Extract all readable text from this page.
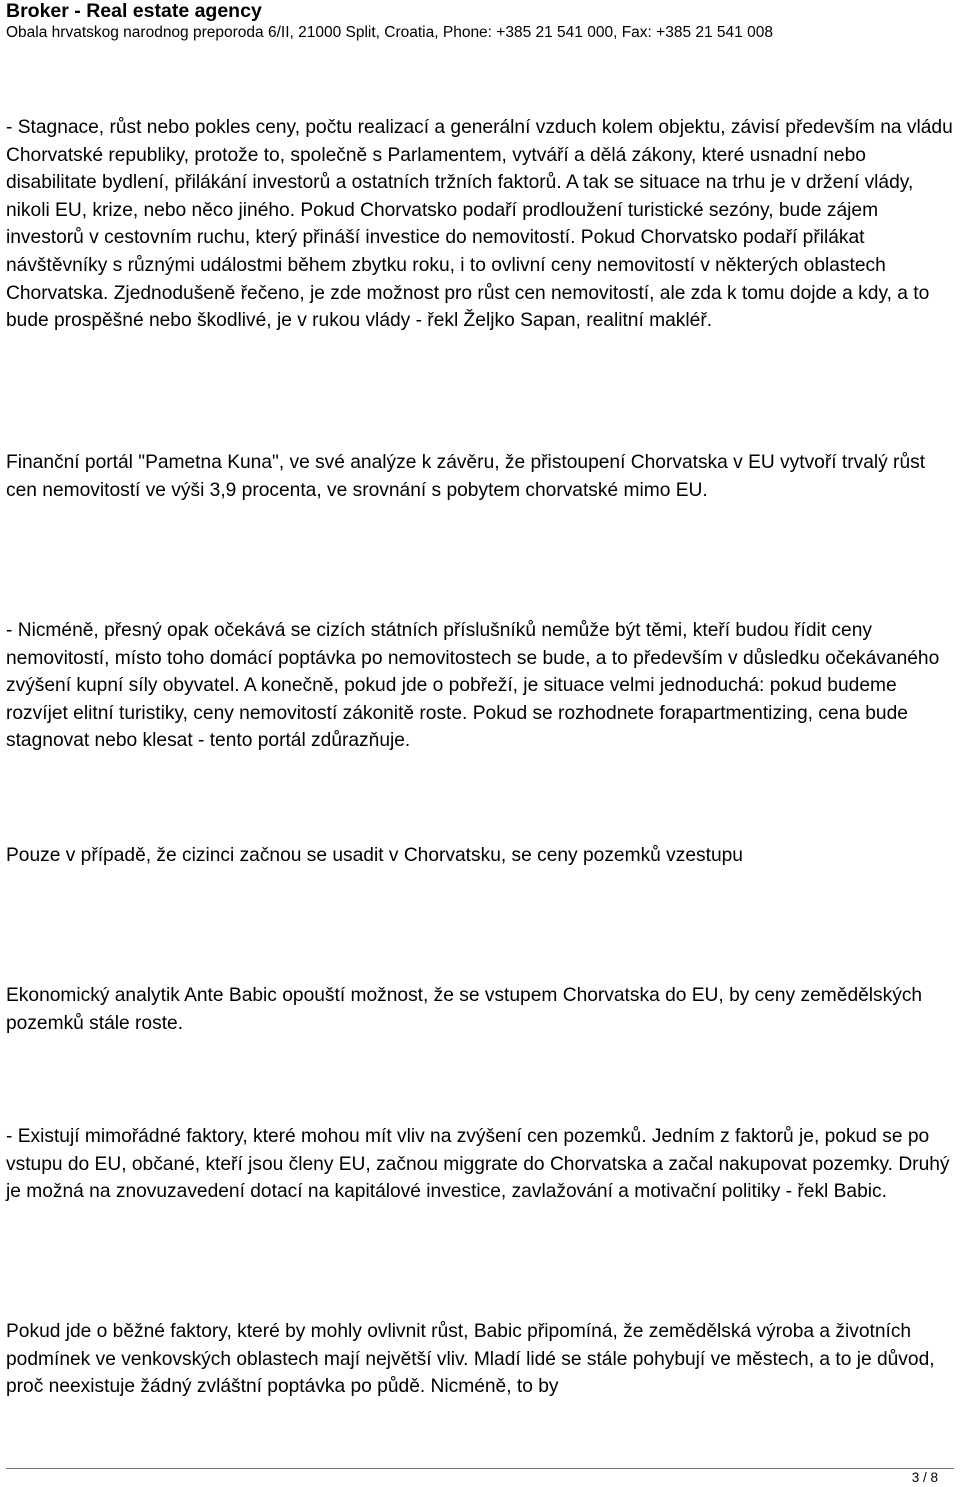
Broker - Real estate agency

Obala hrvatskog narodnog preporoda 6/II, 21000 Split, Croatia, Phone: +385 21 541 000, Fax: +385 21 541 008

- Stagnace, růst nebo pokles ceny, počtu realizací a generální vzduch kolem objektu, závisí především na vládu Chorvatské republiky, protože to, společně s Parlamentem, vytváří a dělá zákony, které usnadní nebo disabilitate bydlení, přilákání investorů a ostatních tržních faktorů. A tak se situace na trhu je v držení vlády, nikoli EU, krize, nebo něco jiného. Pokud Chorvatsko podaří prodloužení turistické sezóny, bude zájem investorů v cestovním ruchu, který přináší investice do nemovitostí. Pokud Chorvatsko podaří přilákat návštěvníky s různými událostmi během zbytku roku, i to ovlivní ceny nemovitostí v některých oblastech Chorvatska. Zjednodušeně řečeno, je zde možnost pro růst cen nemovitostí, ale zda k tomu dojde a kdy, a to bude prospěšné nebo škodlivé, je v rukou vlády - řekl Željko Sapan, realitní makléř.

Finanční portál "Pametna Kuna", ve své analýze k závěru, že přistoupení Chorvatska v EU vytvoří trvalý růst cen nemovitostí ve výši 3,9 procenta, ve srovnání s pobytem chorvatské mimo EU.

- Nicméně, přesný opak očekává se cizích státních příslušníků nemůže být těmi, kteří budou řídit ceny nemovitostí, místo toho domácí poptávka po nemovitostech se bude, a to především v důsledku očekávaného zvýšení kupní síly obyvatel. A konečně, pokud jde o pobřeží, je situace velmi jednoduchá: pokud budeme rozvíjet elitní turistiky, ceny nemovitostí zákonitě roste. Pokud se rozhodnete forapartmentizing, cena bude stagnovat nebo klesat - tento portál zdůrazňuje.

Pouze v případě, že cizinci začnou se usadit v Chorvatsku, se ceny pozemků vzestupu

Ekonomický analytik Ante Babic opouští možnost, že se vstupem Chorvatska do EU, by ceny zemědělských pozemků stále roste.

- Existují mimořádné faktory, které mohou mít vliv na zvýšení cen pozemků. Jedním z faktorů je, pokud se po vstupu do EU, občané, kteří jsou členy EU, začnou miggrate do Chorvatska a začal nakupovat pozemky. Druhý je možná na znovuzavedení dotací na kapitálové investice, zavlažování a motivační politiky - řekl Babic.

Pokud jde o běžné faktory, které by mohly ovlivnit růst, Babic připomíná, že zemědělská výroba a životních podmínek ve venkovských oblastech mají největší vliv. Mladí lidé se stále pohybují ve městech, a to je důvod, proč neexistuje žádný zvláštní poptávka po půdě. Nicméně, to by

3 / 8
